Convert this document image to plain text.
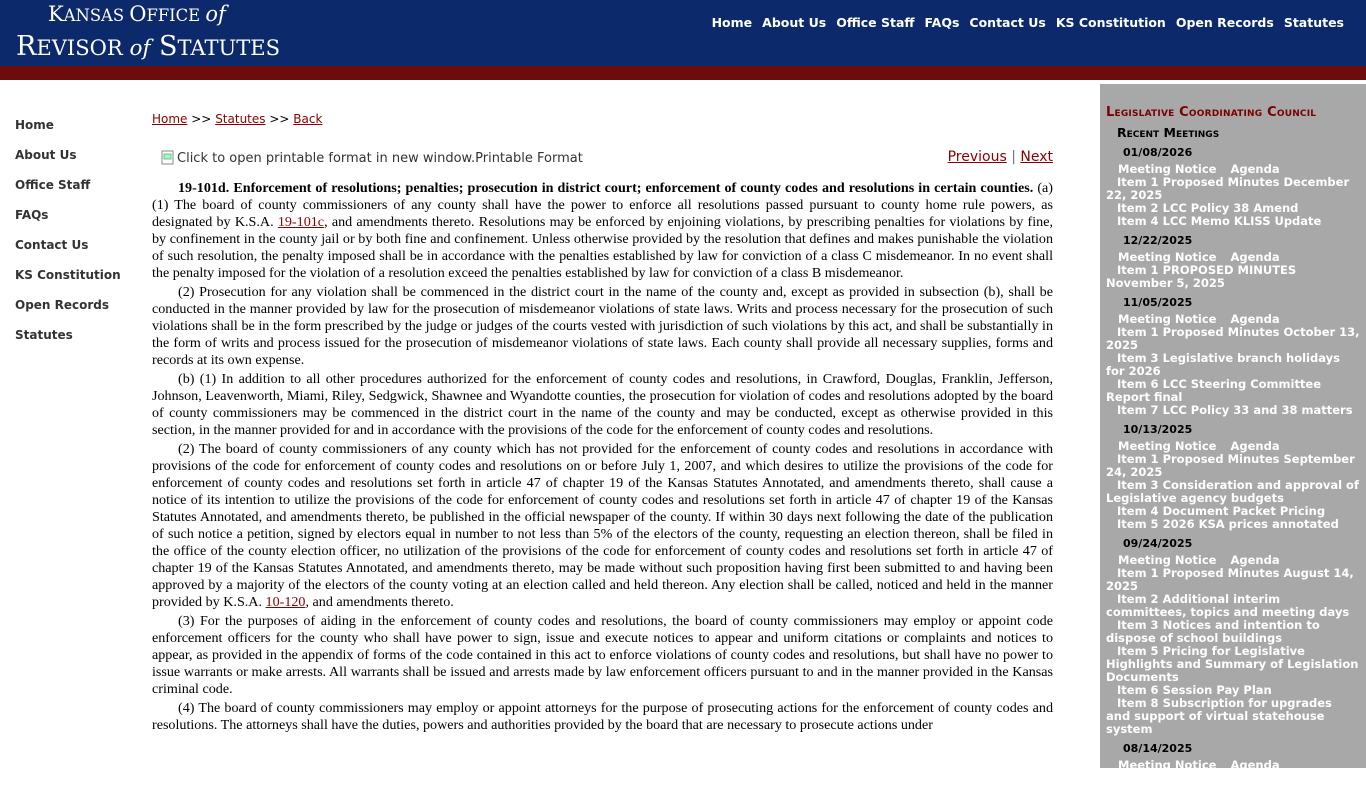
KANSAS OFFICE of
REVISOR of STATUTES
Home About Us Office Staff FAQs Contact Us KS Constitution Open Records Statutes
Home
About Us
Office Staff
FAQs
Contact Us
KS Constitution
Open Records
Statutes
Home >> Statutes >> Back
Click to open printable format in new window.Printable Format	Previous | Next

19-101d. Enforcement of resolutions; penalties; prosecution in district court; enforcement of county codes and resolutions in certain counties. (a) (1) The board of county commissioners of any county shall have the power to enforce all resolutions passed pursuant to county home rule powers, as designated by K.S.A. 19-101c, and amendments thereto. Resolutions may be enforced by enjoining violations, by prescribing penalties for violations by fine, by confinement in the county jail or by both fine and confinement. Unless otherwise provided by the resolution that defines and makes punishable the violation of such resolution, the penalty imposed shall be in accordance with the penalties established by law for conviction of a class C misdemeanor. In no event shall the penalty imposed for the violation of a resolution exceed the penalties established by law for conviction of a class B misdemeanor.

(2) Prosecution for any violation shall be commenced in the district court in the name of the county and, except as provided in subsection (b), shall be conducted in the manner provided by law for the prosecution of misdemeanor violations of state laws. Writs and process necessary for the prosecution of such violations shall be in the form prescribed by the judge or judges of the courts vested with jurisdiction of such violations by this act, and shall be substantially in the form of writs and process issued for the prosecution of misdemeanor violations of state laws. Each county shall provide all necessary supplies, forms and records at its own expense.

(b) (1) In addition to all other procedures authorized for the enforcement of county codes and resolutions, in Crawford, Douglas, Franklin, Jefferson, Johnson, Leavenworth, Miami, Riley, Sedgwick, Shawnee and Wyandotte counties, the prosecution for violation of codes and resolutions adopted by the board of county commissioners may be commenced in the district court in the name of the county and may be conducted, except as otherwise provided in this section, in the manner provided for and in accordance with the provisions of the code for the enforcement of county codes and resolutions.

(2) The board of county commissioners of any county which has not provided for the enforcement of county codes and resolutions in accordance with provisions of the code for enforcement of county codes and resolutions on or before July 1, 2007, and which desires to utilize the provisions of the code for enforcement of county codes and resolutions set forth in article 47 of chapter 19 of the Kansas Statutes Annotated, and amendments thereto, shall cause a notice of its intention to utilize the provisions of the code for enforcement of county codes and resolutions set forth in article 47 of chapter 19 of the Kansas Statutes Annotated, and amendments thereto, be published in the official newspaper of the county. If within 30 days next following the date of the publication of such notice a petition, signed by electors equal in number to not less than 5% of the electors of the county, requesting an election thereon, shall be filed in the office of the county election officer, no utilization of the provisions of the code for enforcement of county codes and resolutions set forth in article 47 of chapter 19 of the Kansas Statutes Annotated, and amendments thereto, may be made without such proposition having first been submitted to and having been approved by a majority of the electors of the county voting at an election called and held thereon. Any election shall be called, noticed and held in the manner provided by K.S.A. 10-120, and amendments thereto.

(3) For the purposes of aiding in the enforcement of county codes and resolutions, the board of county commissioners may employ or appoint code enforcement officers for the county who shall have power to sign, issue and execute notices to appear and uniform citations or complaints and notices to appear, as provided in the appendix of forms of the code contained in this act to enforce violations of county codes and resolutions, but shall have no power to issue warrants or make arrests. All warrants shall be issued and arrests made by law enforcement officers pursuant to and in the manner provided in the Kansas criminal code.

(4) The board of county commissioners may employ or appoint attorneys for the purpose of prosecuting actions for the enforcement of county codes and resolutions. The attorneys shall have the duties, powers and authorities provided by the board that are necessary to prosecute actions under

Legislative Coordinating Council
Recent Meetings
01/08/2026
Meeting Notice Agenda
Item 1 Proposed Minutes December 22, 2025
Item 2 LCC Policy 38 Amend
Item 4 LCC Memo KLISS Update
12/22/2025
Meeting Notice Agenda
Item 1 PROPOSED MINUTES November 5, 2025
11/05/2025
Meeting Notice Agenda
Item 1 Proposed Minutes October 13, 2025
Item 3 Legislative branch holidays for 2026
Item 6 LCC Steering Committee Report final
Item 7 LCC Policy 33 and 38 matters
10/13/2025
Meeting Notice Agenda
Item 1 Proposed Minutes September 24, 2025
Item 3 Consideration and approval of Legislative agency budgets
Item 4 Document Packet Pricing
Item 5 2026 KSA prices annotated
09/24/2025
Meeting Notice Agenda
Item 1 Proposed Minutes August 14, 2025
Item 2 Additional interim committees, topics and meeting days
Item 3 Notices and intention to dispose of school buildings
Item 5 Pricing for Legislative Highlights and Summary of Legislation Documents
Item 6 Session Pay Plan
Item 8 Subscription for upgrades and support of virtual statehouse system
08/14/2025
Meeting Notice Agenda
Item 1 Proposed Minutes July 7
